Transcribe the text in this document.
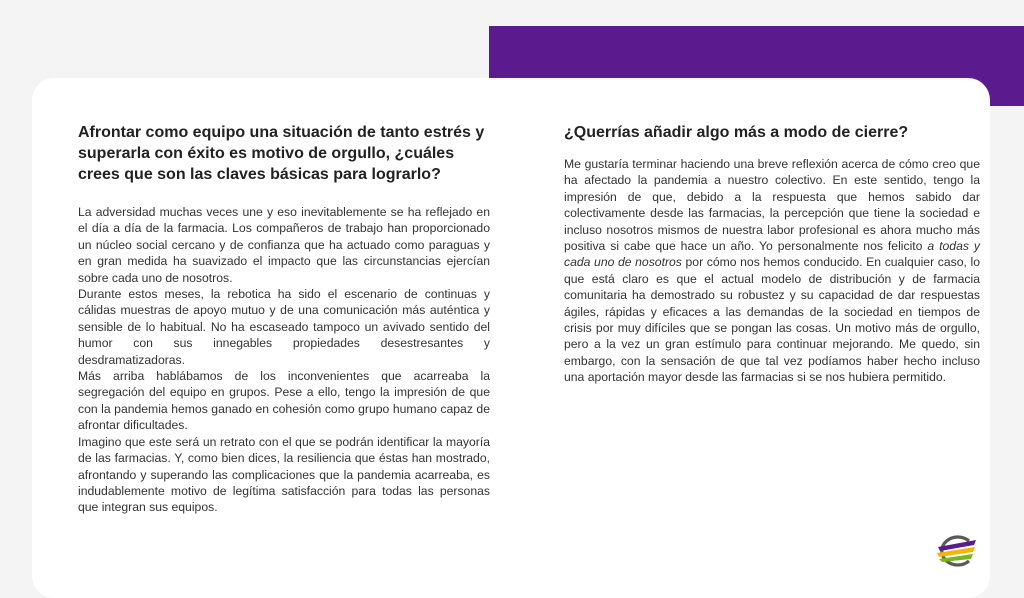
Afrontar como equipo una situación de tanto estrés y superarla con éxito es motivo de orgullo, ¿cuáles crees que son las claves básicas para lograrlo?

La adversidad muchas veces une y eso inevitablemente se ha reflejado en el día a día de la farmacia. Los compañeros de trabajo han proporcionado un núcleo social cercano y de confianza que ha actuado como paraguas y en gran medida ha suavizado el impacto que las circunstancias ejercían sobre cada uno de nosotros.

Durante estos meses, la rebotica ha sido el escenario de continuas y cálidas muestras de apoyo mutuo y de una comunicación más auténtica y sensible de lo habitual. No ha escaseado tampoco un avivado sentido del humor con sus innegables propiedades desestresantes y desdramatizadoras.

Más arriba hablábamos de los inconvenientes que acarreaba la segregación del equipo en grupos. Pese a ello, tengo la impresión de que con la pandemia hemos ganado en cohesión como grupo humano capaz de afrontar dificultades.

Imagino que este será un retrato con el que se podrán identificar la mayoría de las farmacias. Y, como bien dices, la resiliencia que éstas han mostrado, afrontando y superando las complicaciones que la pandemia acarreaba, es indudablemente motivo de legítima satisfacción para todas las personas que integran sus equipos.

¿Querrías añadir algo más a modo de cierre?

Me gustaría terminar haciendo una breve reflexión acerca de cómo creo que ha afectado la pandemia a nuestro colectivo. En este sentido, tengo la impresión de que, debido a la respuesta que hemos sabido dar colectivamente desde las farmacias, la percepción que tiene la sociedad e incluso nosotros mismos de nuestra labor profesional es ahora mucho más positiva si cabe que hace un año. Yo personalmente nos felicito a todas y cada uno de nosotros por cómo nos hemos conducido. En cualquier caso, lo que está claro es que el actual modelo de distribución y de farmacia comunitaria ha demostrado su robustez y su capacidad de dar respuestas ágiles, rápidas y eficaces a las demandas de la sociedad en tiempos de crisis por muy difíciles que se pongan las cosas. Un motivo más de orgullo, pero a la vez un gran estímulo para continuar mejorando. Me quedo, sin embargo, con la sensación de que tal vez podíamos haber hecho incluso una aportación mayor desde las farmacias si se nos hubiera permitido.
